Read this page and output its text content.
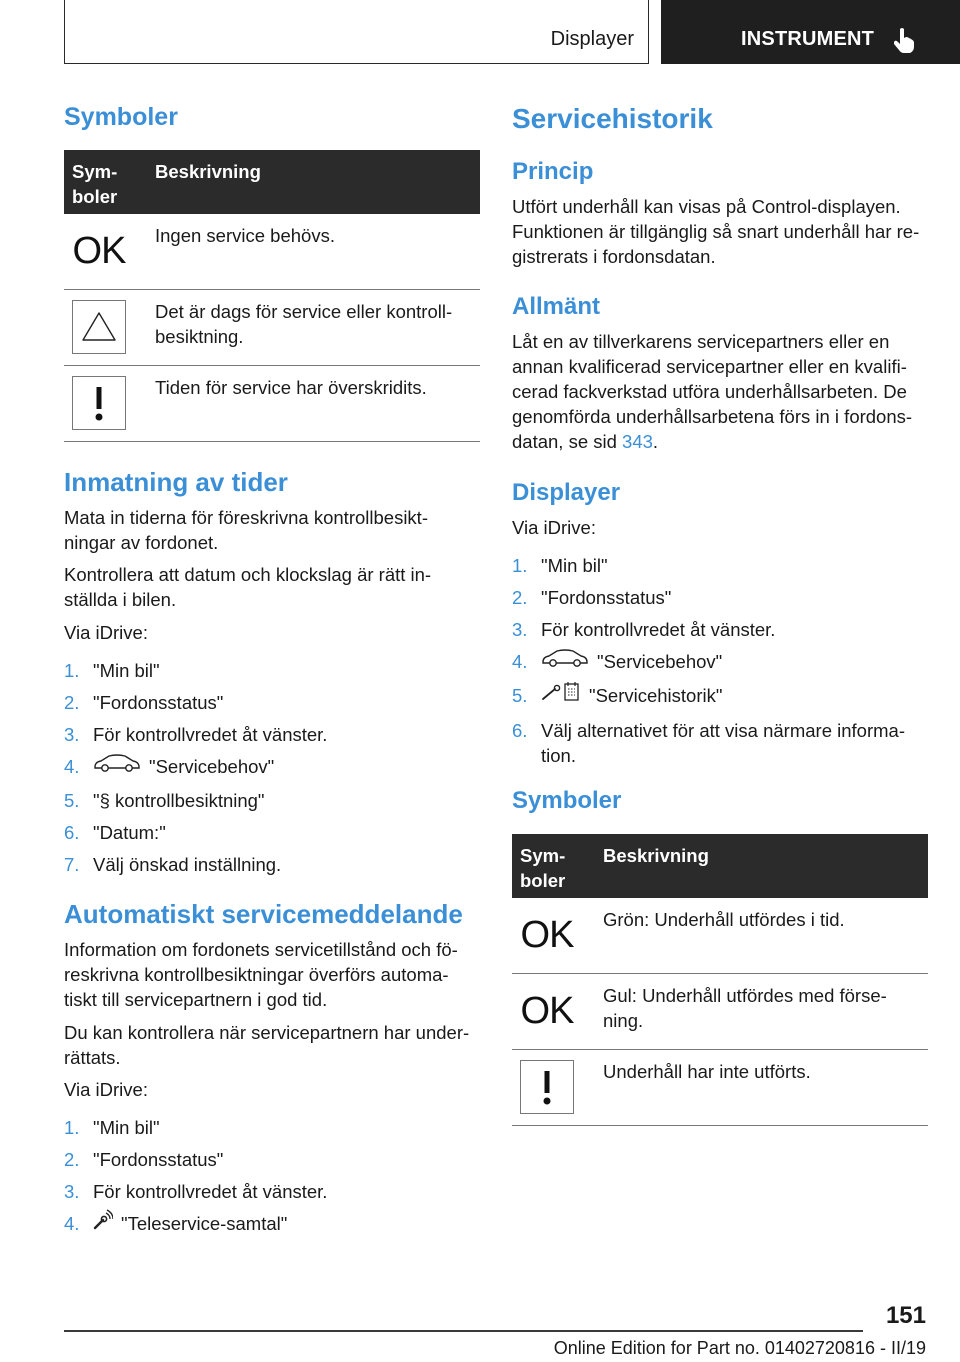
Displayer	INSTRUMENT
Symboler
Sym-
boler
Beskrivning
OK Ingen service behövs.
Det är dags för service eller kontroll-
besiktning.
Tiden för service har överskridits.
Inmatning av tider

Mata in tiderna för föreskrivna kontrollbesikt-
ningar av fordonet.

Kontrollera att datum och klockslag är rätt in-
ställda i bilen.

Via iDrive:

1. "Min bil"
2. "Fordonsstatus"
3. För kontrollvredet åt vänster.
4.	"Servicebehov"
5. "§ kontrollbesiktning"
6. "Datum:"
7. Välj önskad inställning.
Automatiskt servicemeddelande

Information om fordonets servicetillstånd och fö-
reskrivna kontrollbesiktningar överförs automa-
tiskt till servicepartnern i god tid.

Du kan kontrollera när servicepartnern har under-
rättats.

Via iDrive:

1. "Min bil"
2. "Fordonsstatus"
3. För kontrollvredet åt vänster.
4. "Teleservice-samtal"
Servicehistorik
Princip

Utfört underhåll kan visas på Control-displayen.
Funktionen är tillgänglig så snart underhåll har re-
gistrerats i fordonsdatan.

Allmänt

Låt en av tillverkarens servicepartners eller en
annan kvalificerad servicepartner eller en kvalifi-
cerad fackverkstad utföra underhållsarbeten. De
genomförda underhållsarbetena förs in i fordons-
datan, se sid 343.

Displayer

Via iDrive:

1. "Min bil"
2. "Fordonsstatus"
3. För kontrollvredet åt vänster.
4.	"Servicebehov"
5.	"Servicehistorik"
6. Välj alternativet för att visa närmare informa-
tion.
Symboler
Sym-
boler
Beskrivning
OK Grön: Underhåll utfördes i tid.
OK Gul: Underhåll utfördes med förse-
ning.
Underhåll har inte utförts.
151
Online Edition for Part no. 01402720816 - II/19
